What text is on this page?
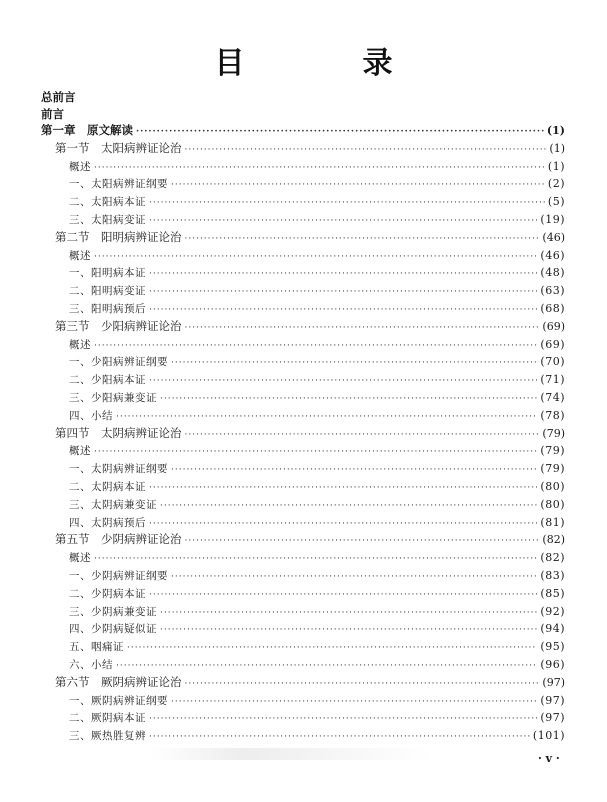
目　录
总前言
前言
第一章　原文解读 ·····	(1)
第一节　太阳病辨证论治 ·····	(1)
概述 ·····	(1)
一、太阳病辨证纲要 ·····	(2)
二、太阳病本证 ·····	(5)
三、太阳病变证 ·····	(19)
第二节　阳明病辨证论治 ·····	(46)
概述 ·····	(46)
一、阳明病本证 ·····	(48)
二、阳明病变证 ·····	(63)
三、阳明病预后 ·····	(68)
第三节　少阳病辨证论治 ·····	(69)
概述 ·····	(69)
一、少阳病辨证纲要 ·····	(70)
二、少阳病本证 ·····	(71)
三、少阳病兼变证 ·····	(74)
四、小结 ·····	(78)
第四节　太阴病辨证论治 ·····	(79)
概述 ·····	(79)
一、太阴病辨证纲要 ·····	(79)
二、太阴病本证 ·····	(80)
三、太阴病兼变证 ·····	(80)
四、太阴病预后 ·····	(81)
第五节　少阴病辨证论治 ·····	(82)
概述 ·····	(82)
一、少阴病辨证纲要 ·····	(83)
二、少阴病本证 ·····	(85)
三、少阴病兼变证 ·····	(92)
四、少阴病疑似证 ·····	(94)
五、咽痛证 ·····	(95)
六、小结 ·····	(96)
第六节　厥阴病辨证论治 ·····	(97)
一、厥阴病辨证纲要 ·····	(97)
二、厥阴病本证 ·····	(97)
三、厥热胜复辨 ·····	(101)
· v ·
